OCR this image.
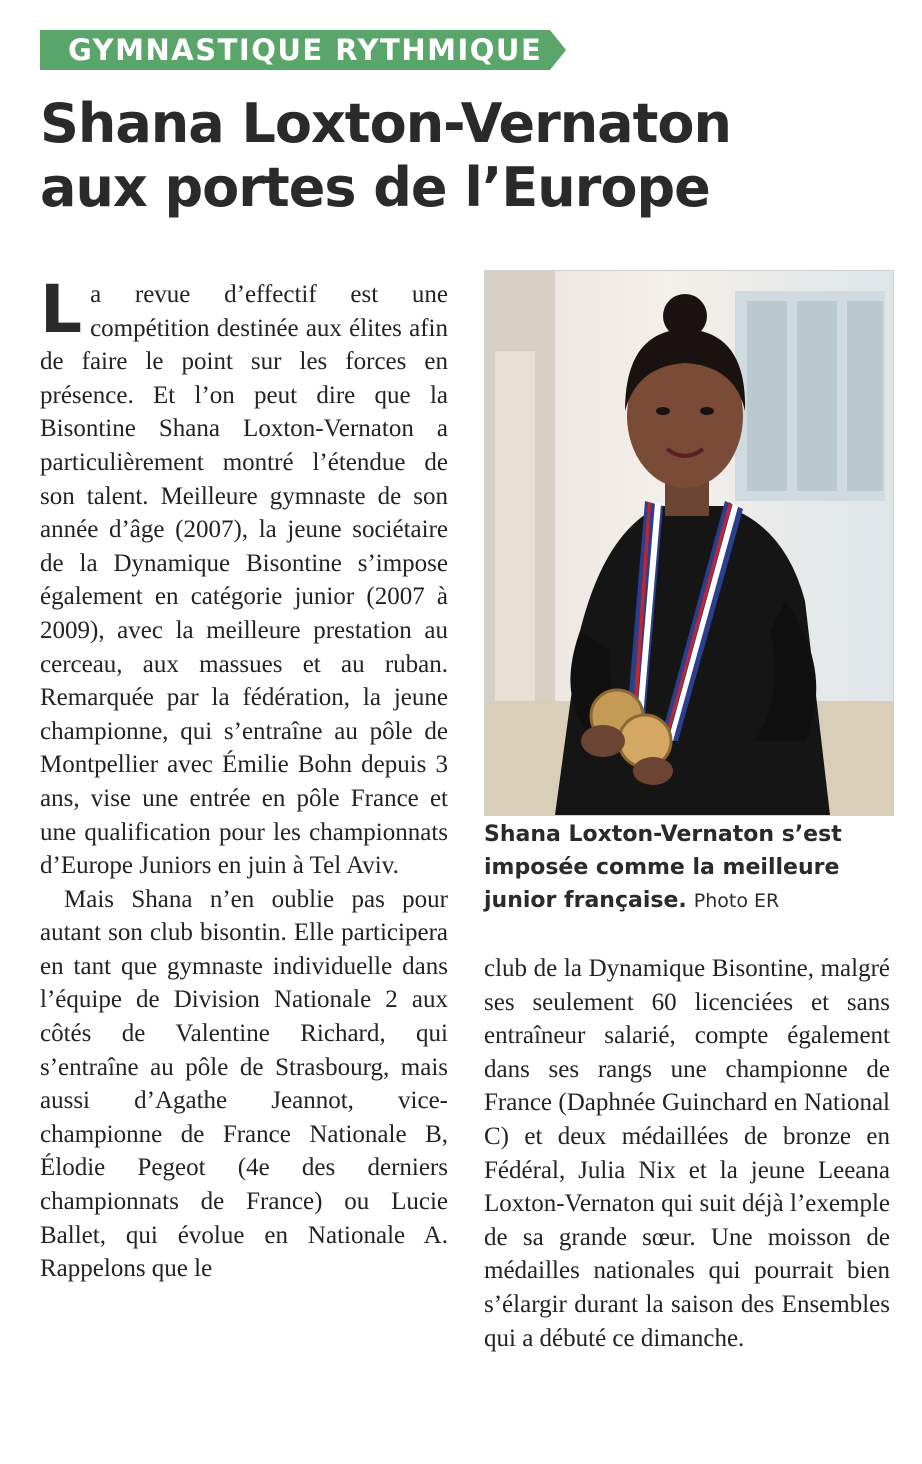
GYMNASTIQUE RYTHMIQUE
Shana Loxton-Vernaton
aux portes de l’Europe

La revue d’effectif est une compétition destinée aux élites afin de faire le point sur les forces en présence. Et l’on peut dire que la Bisontine Shana Loxton-Vernaton a particulièrement montré l’étendue de son talent. Meilleure gymnaste de son année d’âge (2007), la jeune sociétaire de la Dynamique Bisontine s’impose également en catégorie junior (2007 à 2009), avec la meilleure prestation au cerceau, aux massues et au ruban. Remarquée par la fédération, la jeune championne, qui s’entraîne au pôle de Montpellier avec Émilie Bohn depuis 3 ans, vise une entrée en pôle France et une qualification pour les championnats d’Europe Juniors en juin à Tel Aviv.

Mais Shana n’en oublie pas pour autant son club bisontin. Elle participera en tant que gymnaste individuelle dans l’équipe de Division Nationale 2 aux côtés de Valentine Richard, qui s’entraîne au pôle de Strasbourg, mais aussi d’Agathe Jeannot, vice-championne de France Nationale B, Élodie Pegeot (4e des derniers championnats de France) ou Lucie Ballet, qui évolue en Nationale A. Rappelons que le

Shana Loxton-Vernaton s’est imposée comme la meilleure junior française. Photo ER

club de la Dynamique Bisontine, malgré ses seulement 60 licenciées et sans entraîneur salarié, compte également dans ses rangs une championne de France (Daphnée Guinchard en National C) et deux médaillées de bronze en Fédéral, Julia Nix et la jeune Leeana Loxton-Vernaton qui suit déjà l’exemple de sa grande sœur. Une moisson de médailles nationales qui pourrait bien s’élargir durant la saison des Ensembles qui a débuté ce dimanche.
